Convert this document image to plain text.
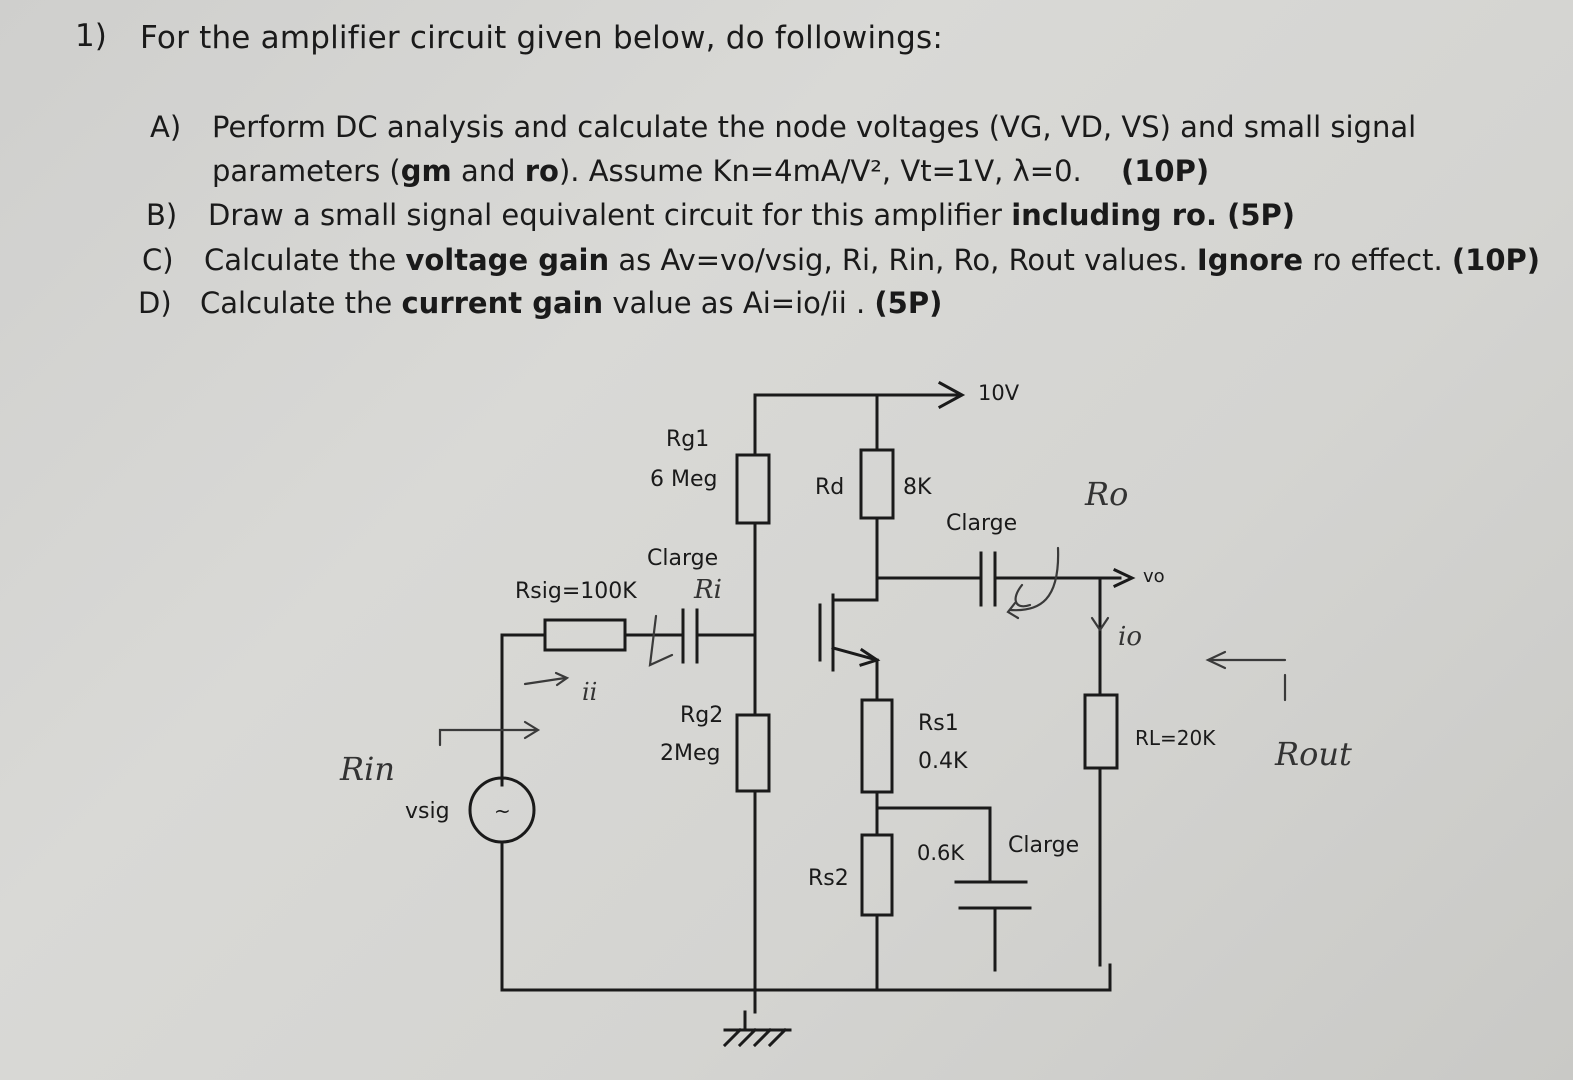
1) For the amplifier circuit given below, do followings:
A) Perform DC analysis and calculate the node voltages (VG, VD, VS) and small signal
parameters (gm and ro). Assume Kn=4mA/V², Vt=1V, λ=0. (10P)
B) Draw a small signal equivalent circuit for this amplifier including ro. (5P)
C) Calculate the voltage gain as Av=vo/vsig, Ri, Rin, Ro, Rout values. Ignore ro effect. (10P)
D) Calculate the current gain value as Ai=io/ii . (5P)
10V
Rg1
6 Meg	Rd	8K
Clarge
Clarge
Rsig=100K
vo
Rg2
2Meg
Rs1
0.4K
RL=20K
vsig ~
0.6K Clarge
Rs2
Ro
Ri
ii
io
Rin	Rout
